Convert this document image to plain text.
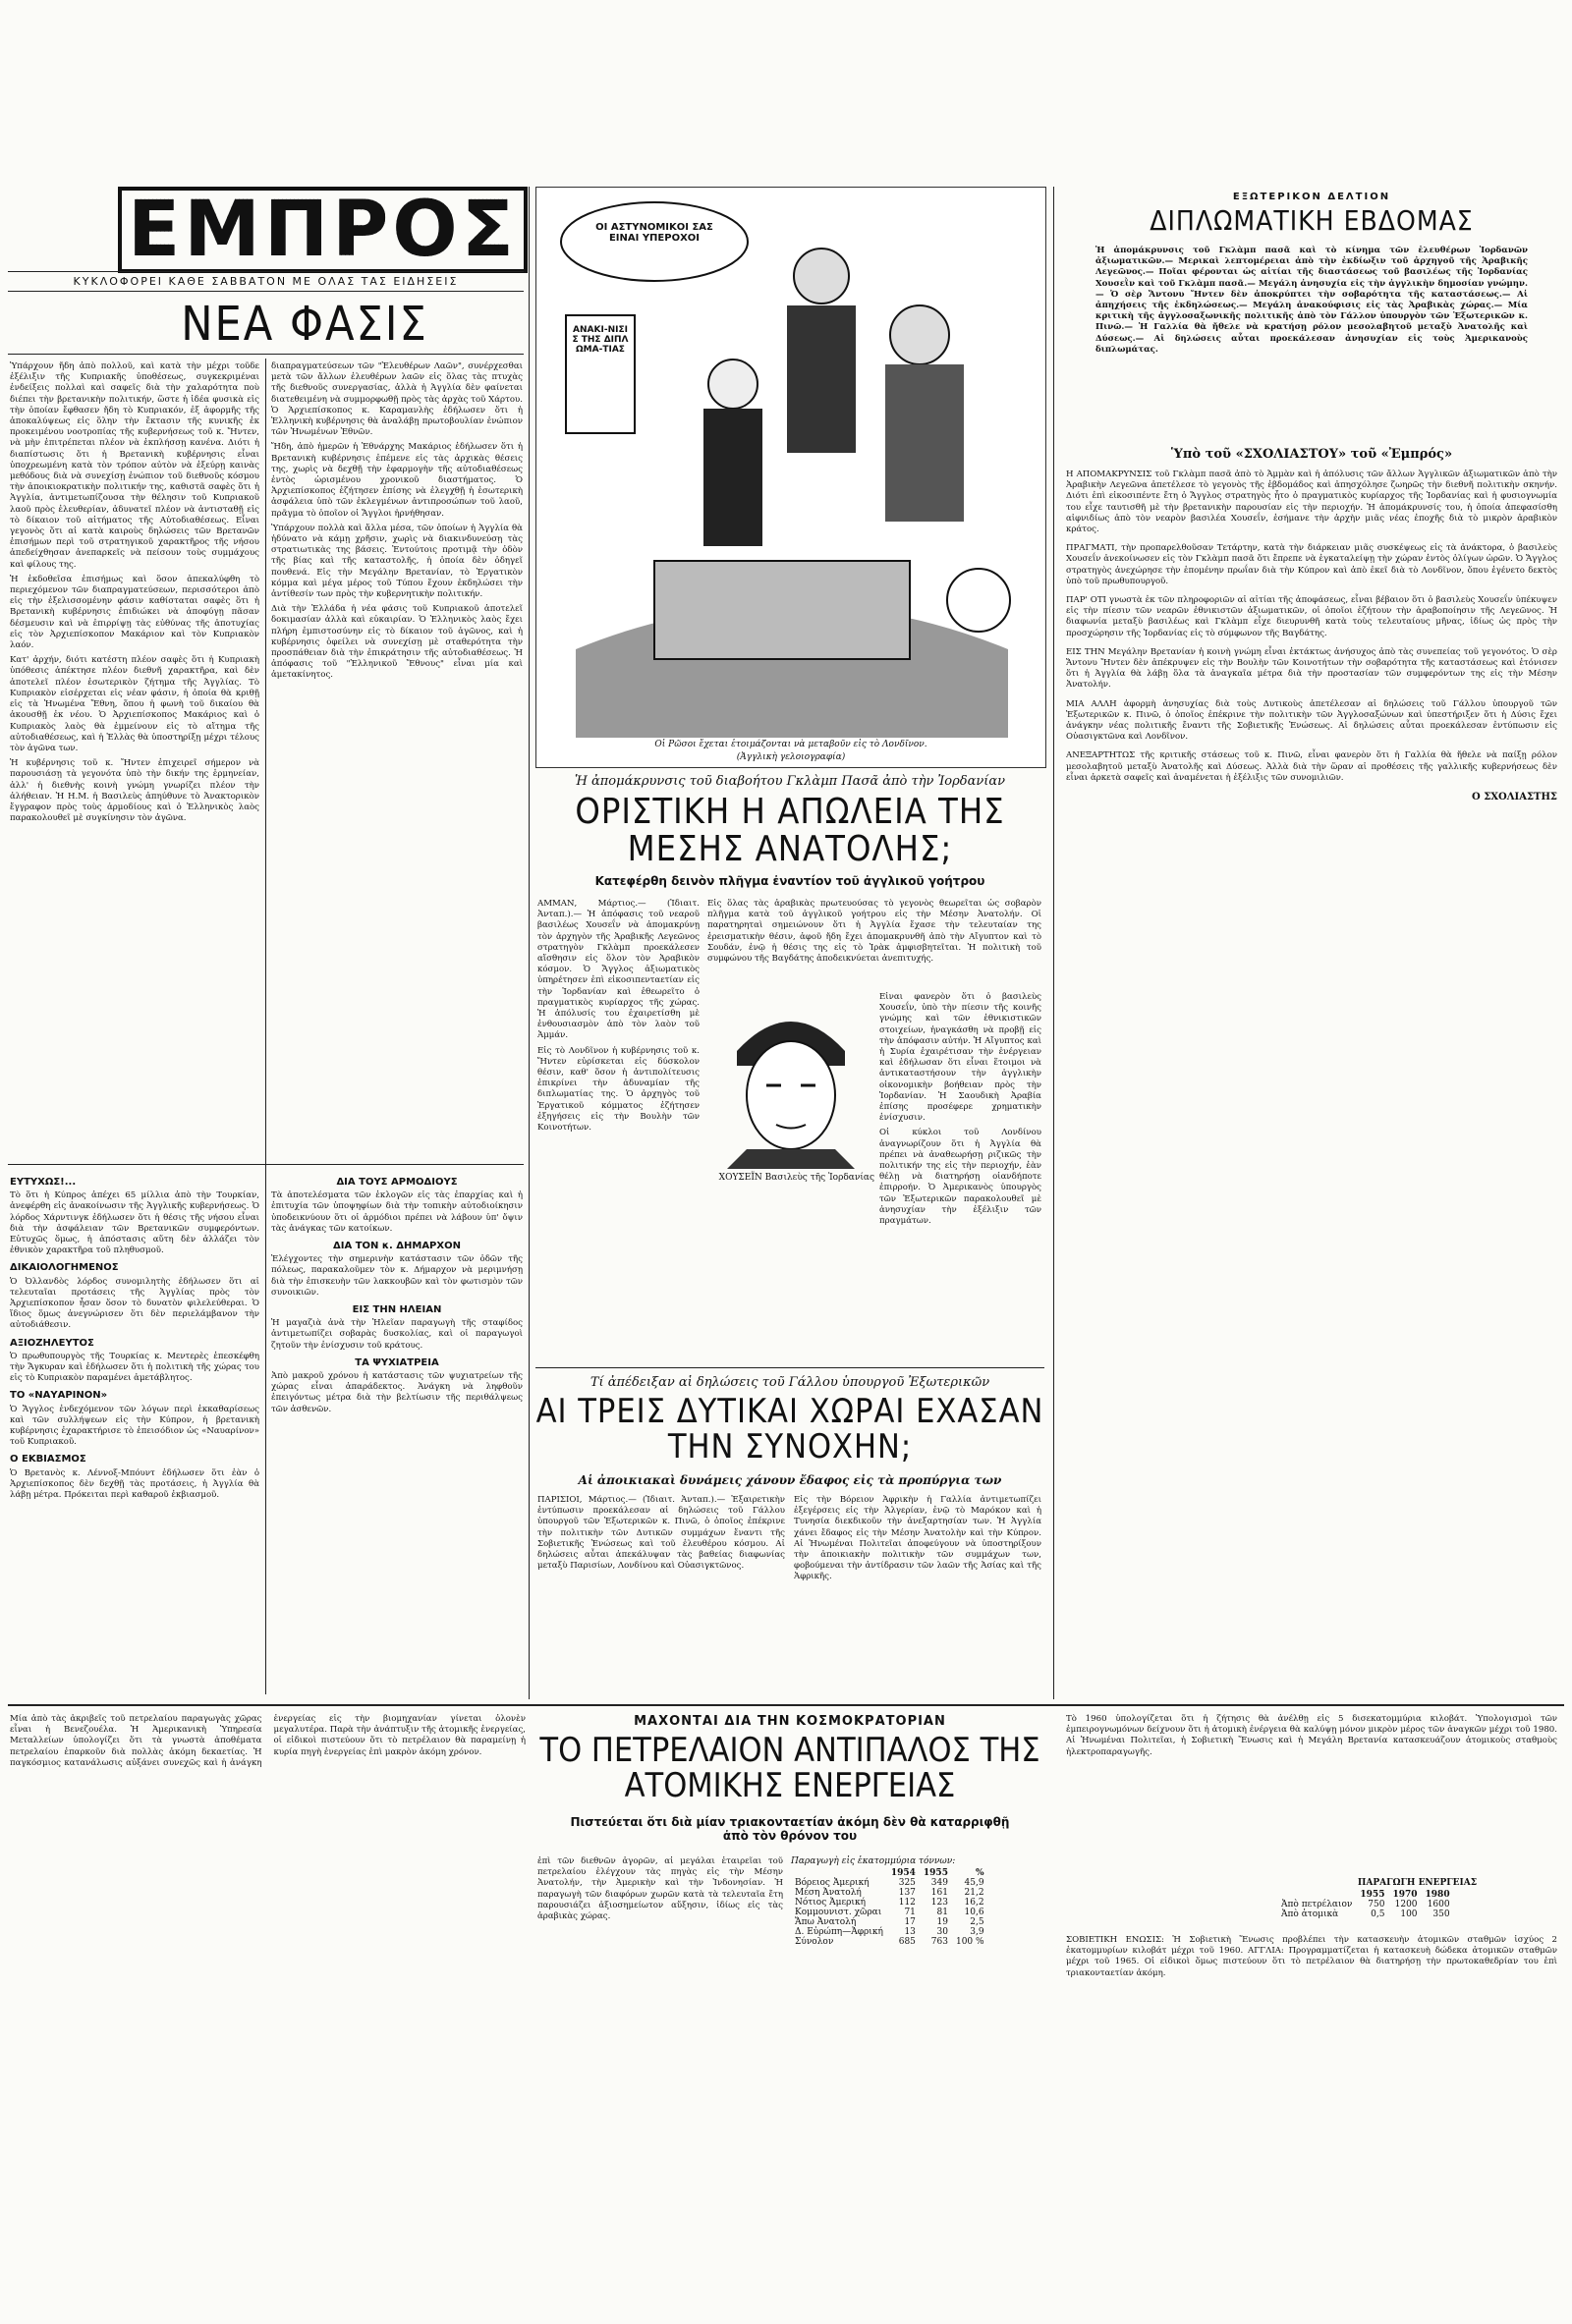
ΕΜΠΡΟΣ
ΚΥΚΛΟΦΟΡΕΙ ΚΑΘΕ ΣΑΒΒΑΤΟΝ ΜΕ ΟΛΑΣ ΤΑΣ ΕΙΔΗΣΕΙΣ
ΝΕΑ ΦΑΣΙΣ

Ὑπάρχουν ἤδη ἀπὸ πολλοῦ, καὶ κατὰ τὴν μέχρι τοῦδε ἐξέλιξιν τῆς Κυπριακῆς ὑποθέσεως, συγκεκριμέναι ἐνδείξεις πολλαὶ καὶ σαφεῖς διὰ τὴν χαλαρότητα ποὺ διέπει τὴν βρετανικὴν πολιτικήν, ὥστε ἡ ἰδέα φυσικὰ εἰς τὴν ὁποίαν ἔφθασεν ἤδη τὸ Κυπριακόν, ἐξ ἀφορμῆς τῆς ἀποκαλύψεως εἰς ὅλην τὴν ἔκτασιν τῆς κυνικῆς ἐκ προκειμένου νοοτροπίας τῆς κυβερνήσεως τοῦ κ. Ἤντεν, νὰ μὴν ἐπιτρέπεται πλέον νὰ ἐκπλήσσῃ κανένα. Διότι ἡ διαπίστωσις ὅτι ἡ Βρετανικὴ κυβέρνησις εἶναι ὑποχρεωμένη κατὰ τὸν τρόπον αὐτὸν νὰ ἐξεύρῃ καινὰς μεθόδους διὰ νὰ συνεχίσῃ ἐνώπιον τοῦ διεθνοῦς κόσμου τὴν ἀποικιοκρατικὴν πολιτικήν της, καθιστᾶ σαφὲς ὅτι ἡ Ἀγγλία, ἀντιμετωπίζουσα τὴν θέλησιν τοῦ Κυπριακοῦ λαοῦ πρὸς ἐλευθερίαν, ἀδυνατεῖ πλέον νὰ ἀντισταθῇ εἰς τὸ δίκαιον τοῦ αἰτήματος τῆς Αὐτοδιαθέσεως. Εἶναι γεγονὸς ὅτι αἱ κατὰ καιροὺς δηλώσεις τῶν Βρετανῶν ἐπισήμων περὶ τοῦ στρατηγικοῦ χαρακτῆρος τῆς νήσου ἀπεδείχθησαν ἀνεπαρκεῖς νὰ πείσουν τοὺς συμμάχους καὶ φίλους της.

Ἡ ἐκδοθεῖσα ἐπισήμως καὶ ὅσον ἀπεκαλύφθη τὸ περιεχόμενον τῶν διαπραγματεύσεων, περισσότεροι ἀπὸ εἰς τὴν ἐξελισσομένην φάσιν καθίσταται σαφὲς ὅτι ἡ Βρετανικὴ κυβέρνησις ἐπιδιώκει νὰ ἀποφύγῃ πᾶσαν δέσμευσιν καὶ νὰ ἐπιρρίψῃ τὰς εὐθύνας τῆς ἀποτυχίας εἰς τὸν Ἀρχιεπίσκοπον Μακάριον καὶ τὸν Κυπριακὸν λαόν.

Κατ' ἀρχήν, διότι κατέστη πλέον σαφὲς ὅτι ἡ Κυπριακὴ ὑπόθεσις ἀπέκτησε πλέον διεθνῆ χαρακτῆρα, καὶ δὲν ἀποτελεῖ πλέον ἐσωτερικὸν ζήτημα τῆς Ἀγγλίας. Τὸ Κυπριακὸν εἰσέρχεται εἰς νέαν φάσιν, ἡ ὁποία θὰ κριθῇ εἰς τὰ Ἡνωμένα Ἔθνη, ὅπου ἡ φωνὴ τοῦ δικαίου θὰ ἀκουσθῇ ἐκ νέου. Ὁ Ἀρχιεπίσκοπος Μακάριος καὶ ὁ Κυπριακὸς λαὸς θὰ ἐμμείνουν εἰς τὸ αἴτημα τῆς αὐτοδιαθέσεως, καὶ ἡ Ἑλλὰς θὰ ὑποστηρίξῃ μέχρι τέλους τὸν ἀγῶνα των.

Ἡ κυβέρνησις τοῦ κ. Ἤντεν ἐπιχειρεῖ σήμερον νὰ παρουσιάσῃ τὰ γεγονότα ὑπὸ τὴν δικήν της ἑρμηνείαν, ἀλλ' ἡ διεθνὴς κοινὴ γνώμη γνωρίζει πλέον τὴν ἀλήθειαν. Ἡ Η.Μ. ἡ Βασιλεὺς ἀπηύθυνε τὸ Ἀνακτορικὸν ἔγγραφον πρὸς τοὺς ἀρμοδίους καὶ ὁ Ἑλληνικὸς λαὸς παρακολουθεῖ μὲ συγκίνησιν τὸν ἀγῶνα.

διαπραγματεύσεων τῶν "Ἐλευθέρων Λαῶν", συνέρχεσθαι μετὰ τῶν ἄλλων ἐλευθέρων λαῶν εἰς ὅλας τὰς πτυχὰς τῆς διεθνοῦς συνεργασίας, ἀλλὰ ἡ Ἀγγλία δὲν φαίνεται διατεθειμένη νὰ συμμορφωθῇ πρὸς τὰς ἀρχὰς τοῦ Χάρτου. Ὁ Ἀρχιεπίσκοπος κ. Καραμανλὴς ἐδήλωσεν ὅτι ἡ Ἑλληνικὴ κυβέρνησις θὰ ἀναλάβῃ πρωτοβουλίαν ἐνώπιον τῶν Ἡνωμένων Ἐθνῶν.

Ἤδη, ἀπὸ ἡμερῶν ἡ Ἐθνάρχης Μακάριος ἐδήλωσεν ὅτι ἡ Βρετανικὴ κυβέρνησις ἐπέμενε εἰς τὰς ἀρχικὰς θέσεις της, χωρὶς νὰ δεχθῇ τὴν ἐφαρμογὴν τῆς αὐτοδιαθέσεως ἐντὸς ὡρισμένου χρονικοῦ διαστήματος. Ὁ Ἀρχιεπίσκοπος ἐζήτησεν ἐπίσης νὰ ἐλεγχθῇ ἡ ἐσωτερικὴ ἀσφάλεια ὑπὸ τῶν ἐκλεγμένων ἀντιπροσώπων τοῦ λαοῦ, πρᾶγμα τὸ ὁποῖον οἱ Ἄγγλοι ἠρνήθησαν.

Ὑπάρχουν πολλὰ καὶ ἄλλα μέσα, τῶν ὁποίων ἡ Ἀγγλία θὰ ἠδύνατο νὰ κάμῃ χρῆσιν, χωρὶς νὰ διακινδυνεύσῃ τὰς στρατιωτικὰς της βάσεις. Ἐντούτοις προτιμᾷ τὴν ὁδὸν τῆς βίας καὶ τῆς καταστολῆς, ἡ ὁποία δὲν ὁδηγεῖ πουθενά. Εἰς τὴν Μεγάλην Βρετανίαν, τὸ Ἐργατικὸν κόμμα καὶ μέγα μέρος τοῦ Τύπου ἔχουν ἐκδηλώσει τὴν ἀντίθεσίν των πρὸς τὴν κυβερνητικὴν πολιτικήν.

Διὰ τὴν Ἑλλάδα ἡ νέα φάσις τοῦ Κυπριακοῦ ἀποτελεῖ δοκιμασίαν ἀλλὰ καὶ εὐκαιρίαν. Ὁ Ἑλληνικὸς λαὸς ἔχει πλήρη ἐμπιστοσύνην εἰς τὸ δίκαιον τοῦ ἀγῶνος, καὶ ἡ κυβέρνησις ὀφείλει νὰ συνεχίσῃ μὲ σταθερότητα τὴν προσπάθειαν διὰ τὴν ἐπικράτησιν τῆς αὐτοδιαθέσεως. Ἡ ἀπόφασις τοῦ "Ἑλληνικοῦ Ἔθνους" εἶναι μία καὶ ἀμετακίνητος.

ΕΥΤΥΧΩΣ!...

Τὸ ὅτι ἡ Κύπρος ἀπέχει 65 μίλλια ἀπὸ τὴν Τουρκίαν, ἀνεφέρθη εἰς ἀνακοίνωσιν τῆς Ἀγγλικῆς κυβερνήσεως. Ὁ λόρδος Χάρντινγκ ἐδήλωσεν ὅτι ἡ θέσις τῆς νήσου εἶναι διὰ τὴν ἀσφάλειαν τῶν Βρετανικῶν συμφερόντων. Εὐτυχῶς ὅμως, ἡ ἀπόστασις αὕτη δὲν ἀλλάζει τὸν ἐθνικὸν χαρακτῆρα τοῦ πληθυσμοῦ.

ΔΙΚΑΙΟΛΟΓΗΜΕΝΟΣ

Ὁ Ὀλλανδὸς λόρδος συνομιλητὴς ἐδήλωσεν ὅτι αἱ τελευταῖαι προτάσεις τῆς Ἀγγλίας πρὸς τὸν Ἀρχιεπίσκοπον ἦσαν ὅσον τὸ δυνατὸν φιλελεύθεραι. Ὁ ἴδιος ὅμως ἀνεγνώρισεν ὅτι δὲν περιελάμβανον τὴν αὐτοδιάθεσιν.

ΑΞΙΟΖΗΛΕΥΤΟΣ

Ὁ πρωθυπουργὸς τῆς Τουρκίας κ. Μεντερὲς ἐπεσκέφθη τὴν Ἄγκυραν καὶ ἐδήλωσεν ὅτι ἡ πολιτικὴ τῆς χώρας του εἰς τὸ Κυπριακὸν παραμένει ἀμετάβλητος.

ΤΟ «ΝΑΥΑΡΙΝΟΝ»

Ὁ Ἄγγλος ἐνδεχόμενον τῶν λόγων περὶ ἐκκαθαρίσεως καὶ τῶν συλλήψεων εἰς τὴν Κύπρον, ἡ βρετανικὴ κυβέρνησις ἐχαρακτήρισε τὸ ἐπεισόδιον ὡς «Ναυαρίνον» τοῦ Κυπριακοῦ.

Ο ΕΚΒΙΑΣΜΟΣ

Ὁ Βρετανὸς κ. Λέννοξ-Μπόυντ ἐδήλωσεν ὅτι ἐὰν ὁ Ἀρχιεπίσκοπος δὲν δεχθῇ τὰς προτάσεις, ἡ Ἀγγλία θὰ λάβῃ μέτρα. Πρόκειται περὶ καθαροῦ ἐκβιασμοῦ.

ΔΙΑ ΤΟΥΣ ΑΡΜΟΔΙΟΥΣ

Τὰ ἀποτελέσματα τῶν ἐκλογῶν εἰς τὰς ἐπαρχίας καὶ ἡ ἐπιτυχία τῶν ὑποψηφίων διὰ τὴν τοπικὴν αὐτοδιοίκησιν ὑποδεικνύουν ὅτι οἱ ἁρμόδιοι πρέπει νὰ λάβουν ὑπ' ὄψιν τὰς ἀνάγκας τῶν κατοίκων.

ΔΙΑ ΤΟΝ κ. ΔΗΜΑΡΧΟΝ

Ἐλέγχοντες τὴν σημερινὴν κατάστασιν τῶν ὁδῶν τῆς πόλεως, παρακαλοῦμεν τὸν κ. Δήμαρχον νὰ μεριμνήσῃ διὰ τὴν ἐπισκευὴν τῶν λακκουβῶν καὶ τὸν φωτισμὸν τῶν συνοικιῶν.

ΕΙΣ ΤΗΝ ΗΛΕΙΑΝ

Ἡ μαγαζιὰ ἀνὰ τὴν Ἠλεῖαν παραγωγὴ τῆς σταφίδος ἀντιμετωπίζει σοβαρὰς δυσκολίας, καὶ οἱ παραγωγοὶ ζητοῦν τὴν ἐνίσχυσιν τοῦ κράτους.

ΤΑ ΨΥΧΙΑΤΡΕΙΑ

Ἀπὸ μακροῦ χρόνου ἡ κατάστασις τῶν ψυχιατρείων τῆς χώρας εἶναι ἀπαράδεκτος. Ἀνάγκη νὰ ληφθοῦν ἐπειγόντως μέτρα διὰ τὴν βελτίωσιν τῆς περιθάλψεως τῶν ἀσθενῶν.

ΟΙ ΑΣΤΥΝΟΜΙΚΟΙ ΣΑΣ ΕΙΝΑΙ ΥΠΕΡΟΧΟΙ
ΑΝΑΚΙ-ΝΙΣΙΣ ΤΗΣ ΔΙΠΛΩΜΑ-ΤΙΑΣ
Οἱ Ρῶσοι ἔχεται ἑτοιμάζονται νὰ μεταβοῦν εἰς τὸ Λονδῖνον.
(Ἀγγλικὴ γελοιογραφία)
Ἡ ἀπομάκρυνσις τοῦ διαβοήτου Γκλὰμπ Πασᾶ ἀπὸ τὴν Ἰορδανίαν
ΟΡΙΣΤΙΚΗ Η ΑΠΩΛΕΙΑ ΤΗΣ ΜΕΣΗΣ ΑΝΑΤΟΛΗΣ;
Κατεφέρθη δεινὸν πλῆγμα ἐναντίον τοῦ ἀγγλικοῦ γοήτρου

ΑΜΜΑΝ, Μάρτιος.— (Ἰδιαιτ. Ἀνταπ.).— Ἡ ἀπόφασις τοῦ νεαροῦ βασιλέως Χουσεΐν νὰ ἀπομακρύνῃ τὸν ἀρχηγὸν τῆς Ἀραβικῆς Λεγεῶνος στρατηγὸν Γκλὰμπ προεκάλεσεν αἴσθησιν εἰς ὅλον τὸν Ἀραβικὸν κόσμον. Ὁ Ἄγγλος ἀξιωματικὸς ὑπηρέτησεν ἐπὶ εἰκοσιπενταετίαν εἰς τὴν Ἰορδανίαν καὶ ἐθεωρεῖτο ὁ πραγματικὸς κυρίαρχος τῆς χώρας. Ἡ ἀπόλυσίς του ἐχαιρετίσθη μὲ ἐνθουσιασμὸν ἀπὸ τὸν λαὸν τοῦ Ἀμμάν.

Εἰς τὸ Λονδῖνον ἡ κυβέρνησις τοῦ κ. Ἤντεν εὑρίσκεται εἰς δύσκολον θέσιν, καθ' ὅσον ἡ ἀντιπολίτευσις ἐπικρίνει τὴν ἀδυναμίαν τῆς διπλωματίας της. Ὁ ἀρχηγὸς τοῦ Ἐργατικοῦ κόμματος ἐζήτησεν ἐξηγήσεις εἰς τὴν Βουλὴν τῶν Κοινοτήτων.

Εἰς ὅλας τὰς ἀραβικὰς πρωτευούσας τὸ γεγονὸς θεωρεῖται ὡς σοβαρὸν πλῆγμα κατὰ τοῦ ἀγγλικοῦ γοήτρου εἰς τὴν Μέσην Ἀνατολήν. Οἱ παρατηρηταὶ σημειώνουν ὅτι ἡ Ἀγγλία ἔχασε τὴν τελευταίαν της ἐρεισματικὴν θέσιν, ἀφοῦ ἤδη ἔχει ἀπομακρυνθῆ ἀπὸ τὴν Αἴγυπτον καὶ τὸ Σουδάν, ἐνῷ ἡ θέσις της εἰς τὸ Ἰρὰκ ἀμφισβητεῖται. Ἡ πολιτικὴ τοῦ συμφώνου τῆς Βαγδάτης ἀποδεικνύεται ἀνεπιτυχής.

ΧΟΥΣΕΪΝ Βασιλεὺς τῆς Ἰορδανίας

Εἶναι φανερὸν ὅτι ὁ βασιλεὺς Χουσεΐν, ὑπὸ τὴν πίεσιν τῆς κοινῆς γνώμης καὶ τῶν ἐθνικιστικῶν στοιχείων, ἠναγκάσθη νὰ προβῇ εἰς τὴν ἀπόφασιν αὐτήν. Ἡ Αἴγυπτος καὶ ἡ Συρία ἐχαιρέτισαν τὴν ἐνέργειαν καὶ ἐδήλωσαν ὅτι εἶναι ἕτοιμοι νὰ ἀντικαταστήσουν τὴν ἀγγλικὴν οἰκονομικὴν βοήθειαν πρὸς τὴν Ἰορδανίαν. Ἡ Σαουδικὴ Ἀραβία ἐπίσης προσέφερε χρηματικὴν ἐνίσχυσιν.

Οἱ κύκλοι τοῦ Λονδίνου ἀναγνωρίζουν ὅτι ἡ Ἀγγλία θὰ πρέπει νὰ ἀναθεωρήσῃ ριζικῶς τὴν πολιτικήν της εἰς τὴν περιοχήν, ἐὰν θέλῃ νὰ διατηρήσῃ οἱανδήποτε ἐπιρροήν. Ὁ Ἀμερικανὸς ὑπουργὸς τῶν Ἐξωτερικῶν παρακολουθεῖ μὲ ἀνησυχίαν τὴν ἐξέλιξιν τῶν πραγμάτων.

Τί ἀπέδειξαν αἱ δηλώσεις τοῦ Γάλλου ὑπουργοῦ Ἐξωτερικῶν
ΑΙ ΤΡΕΙΣ ΔΥΤΙΚΑΙ ΧΩΡΑΙ ΕΧΑΣΑΝ ΤΗΝ ΣΥΝΟΧΗΝ;
Αἱ ἀποικιακαὶ δυνάμεις χάνουν ἔδαφος εἰς τὰ προπύργια των

ΠΑΡΙΣΙΟΙ, Μάρτιος.— (Ἰδιαιτ. Ἀνταπ.).— Ἐξαιρετικὴν ἐντύπωσιν προεκάλεσαν αἱ δηλώσεις τοῦ Γάλλου ὑπουργοῦ τῶν Ἐξωτερικῶν κ. Πινῶ, ὁ ὁποῖος ἐπέκρινε τὴν πολιτικὴν τῶν Δυτικῶν συμμάχων ἔναντι τῆς Σοβιετικῆς Ἑνώσεως καὶ τοῦ ἐλευθέρου κόσμου. Αἱ δηλώσεις αὗται ἀπεκάλυψαν τὰς βαθείας διαφωνίας μεταξὺ Παρισίων, Λονδίνου καὶ Οὐασιγκτῶνος.

Εἰς τὴν Βόρειον Ἀφρικὴν ἡ Γαλλία ἀντιμετωπίζει ἐξεγέρσεις εἰς τὴν Ἀλγερίαν, ἐνῷ τὸ Μαρόκον καὶ ἡ Τυνησία διεκδικοῦν τὴν ἀνεξαρτησίαν των. Ἡ Ἀγγλία χάνει ἔδαφος εἰς τὴν Μέσην Ἀνατολὴν καὶ τὴν Κύπρον. Αἱ Ἡνωμέναι Πολιτεῖαι ἀποφεύγουν νὰ ὑποστηρίξουν τὴν ἀποικιακὴν πολιτικὴν τῶν συμμάχων των, φοβούμεναι τὴν ἀντίδρασιν τῶν λαῶν τῆς Ἀσίας καὶ τῆς Ἀφρικῆς.

ΕΞΩΤΕΡΙΚΟΝ ΔΕΛΤΙΟΝ
ΔΙΠΛΩΜΑΤΙΚΗ ΕΒΔΟΜΑΣ
Ἡ ἀπομάκρυνσις τοῦ Γκλὰμπ πασᾶ καὶ τὸ κίνημα τῶν ἐλευθέρων Ἰορδανῶν ἀξιωματικῶν.— Μερικαὶ λεπτομέρειαι ἀπὸ τὴν ἐκδίωξιν τοῦ ἀρχηγοῦ τῆς Ἀραβικῆς Λεγεῶνος.— Ποῖαι φέρονται ὡς αἰτίαι τῆς διαστάσεως τοῦ βασιλέως τῆς Ἰορδανίας Χουσεῒν καὶ τοῦ Γκλὰμπ πασᾶ.— Μεγάλη ἀνησυχία εἰς τὴν ἀγγλικὴν δημοσίαν γνώμην.— Ὁ σὲρ Ἄντονυ Ἤντεν δὲν ἀποκρύπτει τὴν σοβαρότητα τῆς καταστάσεως.— Αἱ ἀπηχήσεις τῆς ἐκδηλώσεως.— Μεγάλη ἀνακούφισις εἰς τὰς Ἀραβικὰς χώρας.— Μία κριτικὴ τῆς ἀγγλοσαξωνικῆς πολιτικῆς ἀπὸ τὸν Γάλλον ὑπουργὸν τῶν Ἐξωτερικῶν κ. Πινῶ.— Ἡ Γαλλία θὰ ἤθελε νὰ κρατήσῃ ρόλον μεσολαβητοῦ μεταξὺ Ἀνατολῆς καὶ Δύσεως.— Αἱ δηλώσεις αὗται προεκάλεσαν ἀνησυχίαν εἰς τοὺς Ἀμερικανοὺς διπλωμάτας.
Ὑπὸ τοῦ «ΣΧΟΛΙΑΣΤΟΥ» τοῦ «Ἐμπρός»

Η ΑΠΟΜΑΚΡΥΝΣΙΣ τοῦ Γκλὰμπ πασᾶ ἀπὸ τὸ Ἀμμὰν καὶ ἡ ἀπόλυσις τῶν ἄλλων Ἀγγλικῶν ἀξιωματικῶν ἀπὸ τὴν Ἀραβικὴν Λεγεῶνα ἀπετέλεσε τὸ γεγονὸς τῆς ἑβδομάδος καὶ ἀπησχόλησε ζωηρῶς τὴν διεθνῆ πολιτικὴν σκηνήν. Διότι ἐπὶ εἰκοσιπέντε ἔτη ὁ Ἄγγλος στρατηγὸς ἦτο ὁ πραγματικὸς κυρίαρχος τῆς Ἰορδανίας καὶ ἡ φυσιογνωμία του εἶχε ταυτισθῆ μὲ τὴν βρετανικὴν παρουσίαν εἰς τὴν περιοχήν. Ἡ ἀπομάκρυνσίς του, ἡ ὁποία ἀπεφασίσθη αἰφνιδίως ἀπὸ τὸν νεαρὸν βασιλέα Χουσεΐν, ἐσήμανε τὴν ἀρχὴν μιᾶς νέας ἐποχῆς διὰ τὸ μικρὸν ἀραβικὸν κράτος.

ΠΡΑΓΜΑΤΙ, τὴν προπαρελθοῦσαν Τετάρτην, κατὰ τὴν διάρκειαν μιᾶς συσκέψεως εἰς τὰ ἀνάκτορα, ὁ βασιλεὺς Χουσεΐν ἀνεκοίνωσεν εἰς τὸν Γκλὰμπ πασᾶ ὅτι ἔπρεπε νὰ ἐγκαταλείψῃ τὴν χώραν ἐντὸς ὀλίγων ὡρῶν. Ὁ Ἄγγλος στρατηγὸς ἀνεχώρησε τὴν ἑπομένην πρωΐαν διὰ τὴν Κύπρον καὶ ἀπὸ ἐκεῖ διὰ τὸ Λονδῖνον, ὅπου ἐγένετο δεκτὸς ὑπὸ τοῦ πρωθυπουργοῦ.

ΠΑΡ' ΟΤΙ γνωστὰ ἐκ τῶν πληροφοριῶν αἱ αἰτίαι τῆς ἀποφάσεως, εἶναι βέβαιον ὅτι ὁ βασιλεὺς Χουσεΐν ὑπέκυψεν εἰς τὴν πίεσιν τῶν νεαρῶν ἐθνικιστῶν ἀξιωματικῶν, οἱ ὁποῖοι ἐζήτουν τὴν ἀραβοποίησιν τῆς Λεγεῶνος. Ἡ διαφωνία μεταξὺ βασιλέως καὶ Γκλὰμπ εἶχε διευρυνθῆ κατὰ τοὺς τελευταίους μῆνας, ἰδίως ὡς πρὸς τὴν προσχώρησιν τῆς Ἰορδανίας εἰς τὸ σύμφωνον τῆς Βαγδάτης.

ΕΙΣ ΤΗΝ Μεγάλην Βρετανίαν ἡ κοινὴ γνώμη εἶναι ἐκτάκτως ἀνήσυχος ἀπὸ τὰς συνεπείας τοῦ γεγονότος. Ὁ σὲρ Ἄντονυ Ἤντεν δὲν ἀπέκρυψεν εἰς τὴν Βουλὴν τῶν Κοινοτήτων τὴν σοβαρότητα τῆς καταστάσεως καὶ ἐτόνισεν ὅτι ἡ Ἀγγλία θὰ λάβῃ ὅλα τὰ ἀναγκαῖα μέτρα διὰ τὴν προστασίαν τῶν συμφερόντων της εἰς τὴν Μέσην Ἀνατολήν.

ΜΙΑ ΑΛΛΗ ἀφορμὴ ἀνησυχίας διὰ τοὺς Δυτικοὺς ἀπετέλεσαν αἱ δηλώσεις τοῦ Γάλλου ὑπουργοῦ τῶν Ἐξωτερικῶν κ. Πινῶ, ὁ ὁποῖος ἐπέκρινε τὴν πολιτικὴν τῶν Ἀγγλοσαξώνων καὶ ὑπεστήριξεν ὅτι ἡ Δύσις ἔχει ἀνάγκην νέας πολιτικῆς ἔναντι τῆς Σοβιετικῆς Ἑνώσεως. Αἱ δηλώσεις αὗται προεκάλεσαν ἐντύπωσιν εἰς Οὐασιγκτῶνα καὶ Λονδῖνον.

ΑΝΕΞΑΡΤΗΤΩΣ τῆς κριτικῆς στάσεως τοῦ κ. Πινῶ, εἶναι φανερὸν ὅτι ἡ Γαλλία θὰ ἤθελε νὰ παίξῃ ρόλον μεσολαβητοῦ μεταξὺ Ἀνατολῆς καὶ Δύσεως. Ἀλλὰ διὰ τὴν ὥραν αἱ προθέσεις τῆς γαλλικῆς κυβερνήσεως δὲν εἶναι ἀρκετὰ σαφεῖς καὶ ἀναμένεται ἡ ἐξέλιξις τῶν συνομιλιῶν.

Ο ΣΧΟΛΙΑΣΤΗΣ
ΜΑΧΟΝΤΑΙ ΔΙΑ ΤΗΝ ΚΟΣΜΟΚΡΑΤΟΡΙΑΝ
ΤΟ ΠΕΤΡΕΛΑΙΟΝ ΑΝΤΙΠΑΛΟΣ ΤΗΣ ΑΤΟΜΙΚΗΣ ΕΝΕΡΓΕΙΑΣ
Πιστεύεται ὅτι διὰ μίαν τριακονταετίαν ἀκόμη δὲν θὰ καταρριφθῇ ἀπὸ τὸν θρόνον του

Μία ἀπὸ τὰς ἀκριβεῖς τοῦ πετρελαίου παραγωγὰς χῶρας εἶναι ἡ Βενεζουέλα. Ἡ Ἀμερικανικὴ Ὑπηρεσία Μεταλλείων ὑπολογίζει ὅτι τὰ γνωστὰ ἀποθέματα πετρελαίου ἐπαρκοῦν διὰ πολλὰς ἀκόμη δεκαετίας. Ἡ παγκόσμιος κατανάλωσις αὐξάνει συνεχῶς καὶ ἡ ἀνάγκη ἐνεργείας εἰς τὴν βιομηχανίαν γίνεται ὁλονὲν μεγαλυτέρα. Παρὰ τὴν ἀνάπτυξιν τῆς ἀτομικῆς ἐνεργείας, οἱ εἰδικοὶ πιστεύουν ὅτι τὸ πετρέλαιον θὰ παραμείνῃ ἡ κυρία πηγὴ ἐνεργείας ἐπὶ μακρὸν ἀκόμη χρόνον.

ἐπὶ τῶν διεθνῶν ἀγορῶν, αἱ μεγάλαι ἑταιρεῖαι τοῦ πετρελαίου ἐλέγχουν τὰς πηγὰς εἰς τὴν Μέσην Ἀνατολήν, τὴν Ἀμερικὴν καὶ τὴν Ἰνδονησίαν. Ἡ παραγωγὴ τῶν διαφόρων χωρῶν κατὰ τὰ τελευταῖα ἔτη παρουσιάζει ἀξιοσημείωτον αὔξησιν, ἰδίως εἰς τὰς ἀραβικὰς χώρας.

Παραγωγὴ εἰς ἑκατομμύρια τόννων:
	1954	1955	%
Βόρειος Ἀμερική	325	349	45,9
Μέση Ἀνατολή	137	161	21,2
Νότιος Ἀμερική	112	123	16,2
Κομμουνιστ. χῶραι	71	81	10,6
Ἄπω Ἀνατολή	17	19	2,5
Δ. Εὐρώπη—Ἀφρική	13	30	3,9
Σύνολον	685	763	100 %

Τὸ 1960 ὑπολογίζεται ὅτι ἡ ζήτησις θὰ ἀνέλθῃ εἰς 5 δισεκατομμύρια κιλοβάτ. Ὑπολογισμοὶ τῶν ἐμπειρογνωμόνων δείχνουν ὅτι ἡ ἀτομικὴ ἐνέργεια θὰ καλύψῃ μόνον μικρὸν μέρος τῶν ἀναγκῶν μέχρι τοῦ 1980. Αἱ Ἡνωμέναι Πολιτεῖαι, ἡ Σοβιετικὴ Ἕνωσις καὶ ἡ Μεγάλη Βρετανία κατασκευάζουν ἀτομικοὺς σταθμοὺς ἠλεκτροπαραγωγῆς.

ΠΑΡΑΓΩΓΗ ΕΝΕΡΓΕΙΑΣ
	1955	1970	1980
Ἀπὸ πετρέλαιον	750	1200	1600
Ἀπὸ ἀτομικὰ	0,5	100	350

ΣΟΒΙΕΤΙΚΗ ΕΝΩΣΙΣ: Ἡ Σοβιετικὴ Ἕνωσις προβλέπει τὴν κατασκευὴν ἀτομικῶν σταθμῶν ἰσχύος 2 ἑκατομμυρίων κιλοβάτ μέχρι τοῦ 1960. ΑΓΓΛΙΑ: Προγραμματίζεται ἡ κατασκευὴ δώδεκα ἀτομικῶν σταθμῶν μέχρι τοῦ 1965. Οἱ εἰδικοὶ ὅμως πιστεύουν ὅτι τὸ πετρέλαιον θὰ διατηρήσῃ τὴν πρωτοκαθεδρίαν του ἐπὶ τριακονταετίαν ἀκόμη.
